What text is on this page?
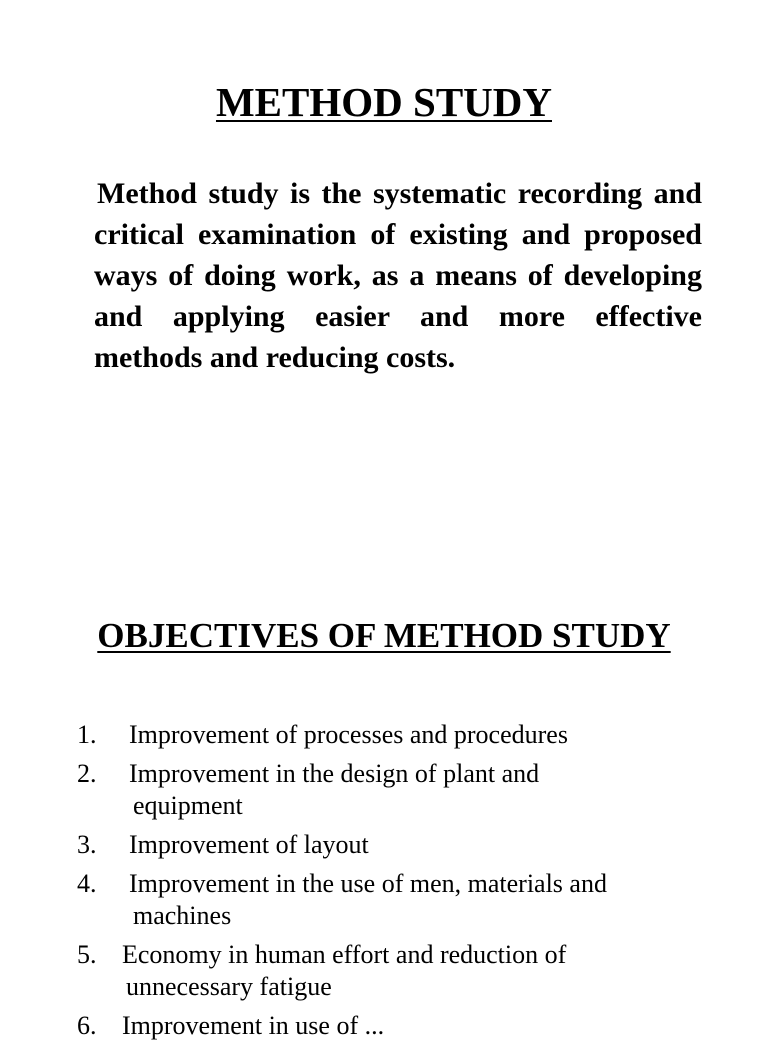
METHOD STUDY

Method study is the systematic recording and critical examination of existing and proposed ways of doing work, as a means of developing and applying easier and more effective methods and reducing costs.

OBJECTIVES OF METHOD STUDY
1.	Improvement of processes and procedures
2.	Improvement in the design of plant and
equipment
3.	Improvement of layout
4.	Improvement in the use of men, materials and
machines
5. Economy in human effort and reduction of
unnecessary fatigue
6. Improvement in use of ...
